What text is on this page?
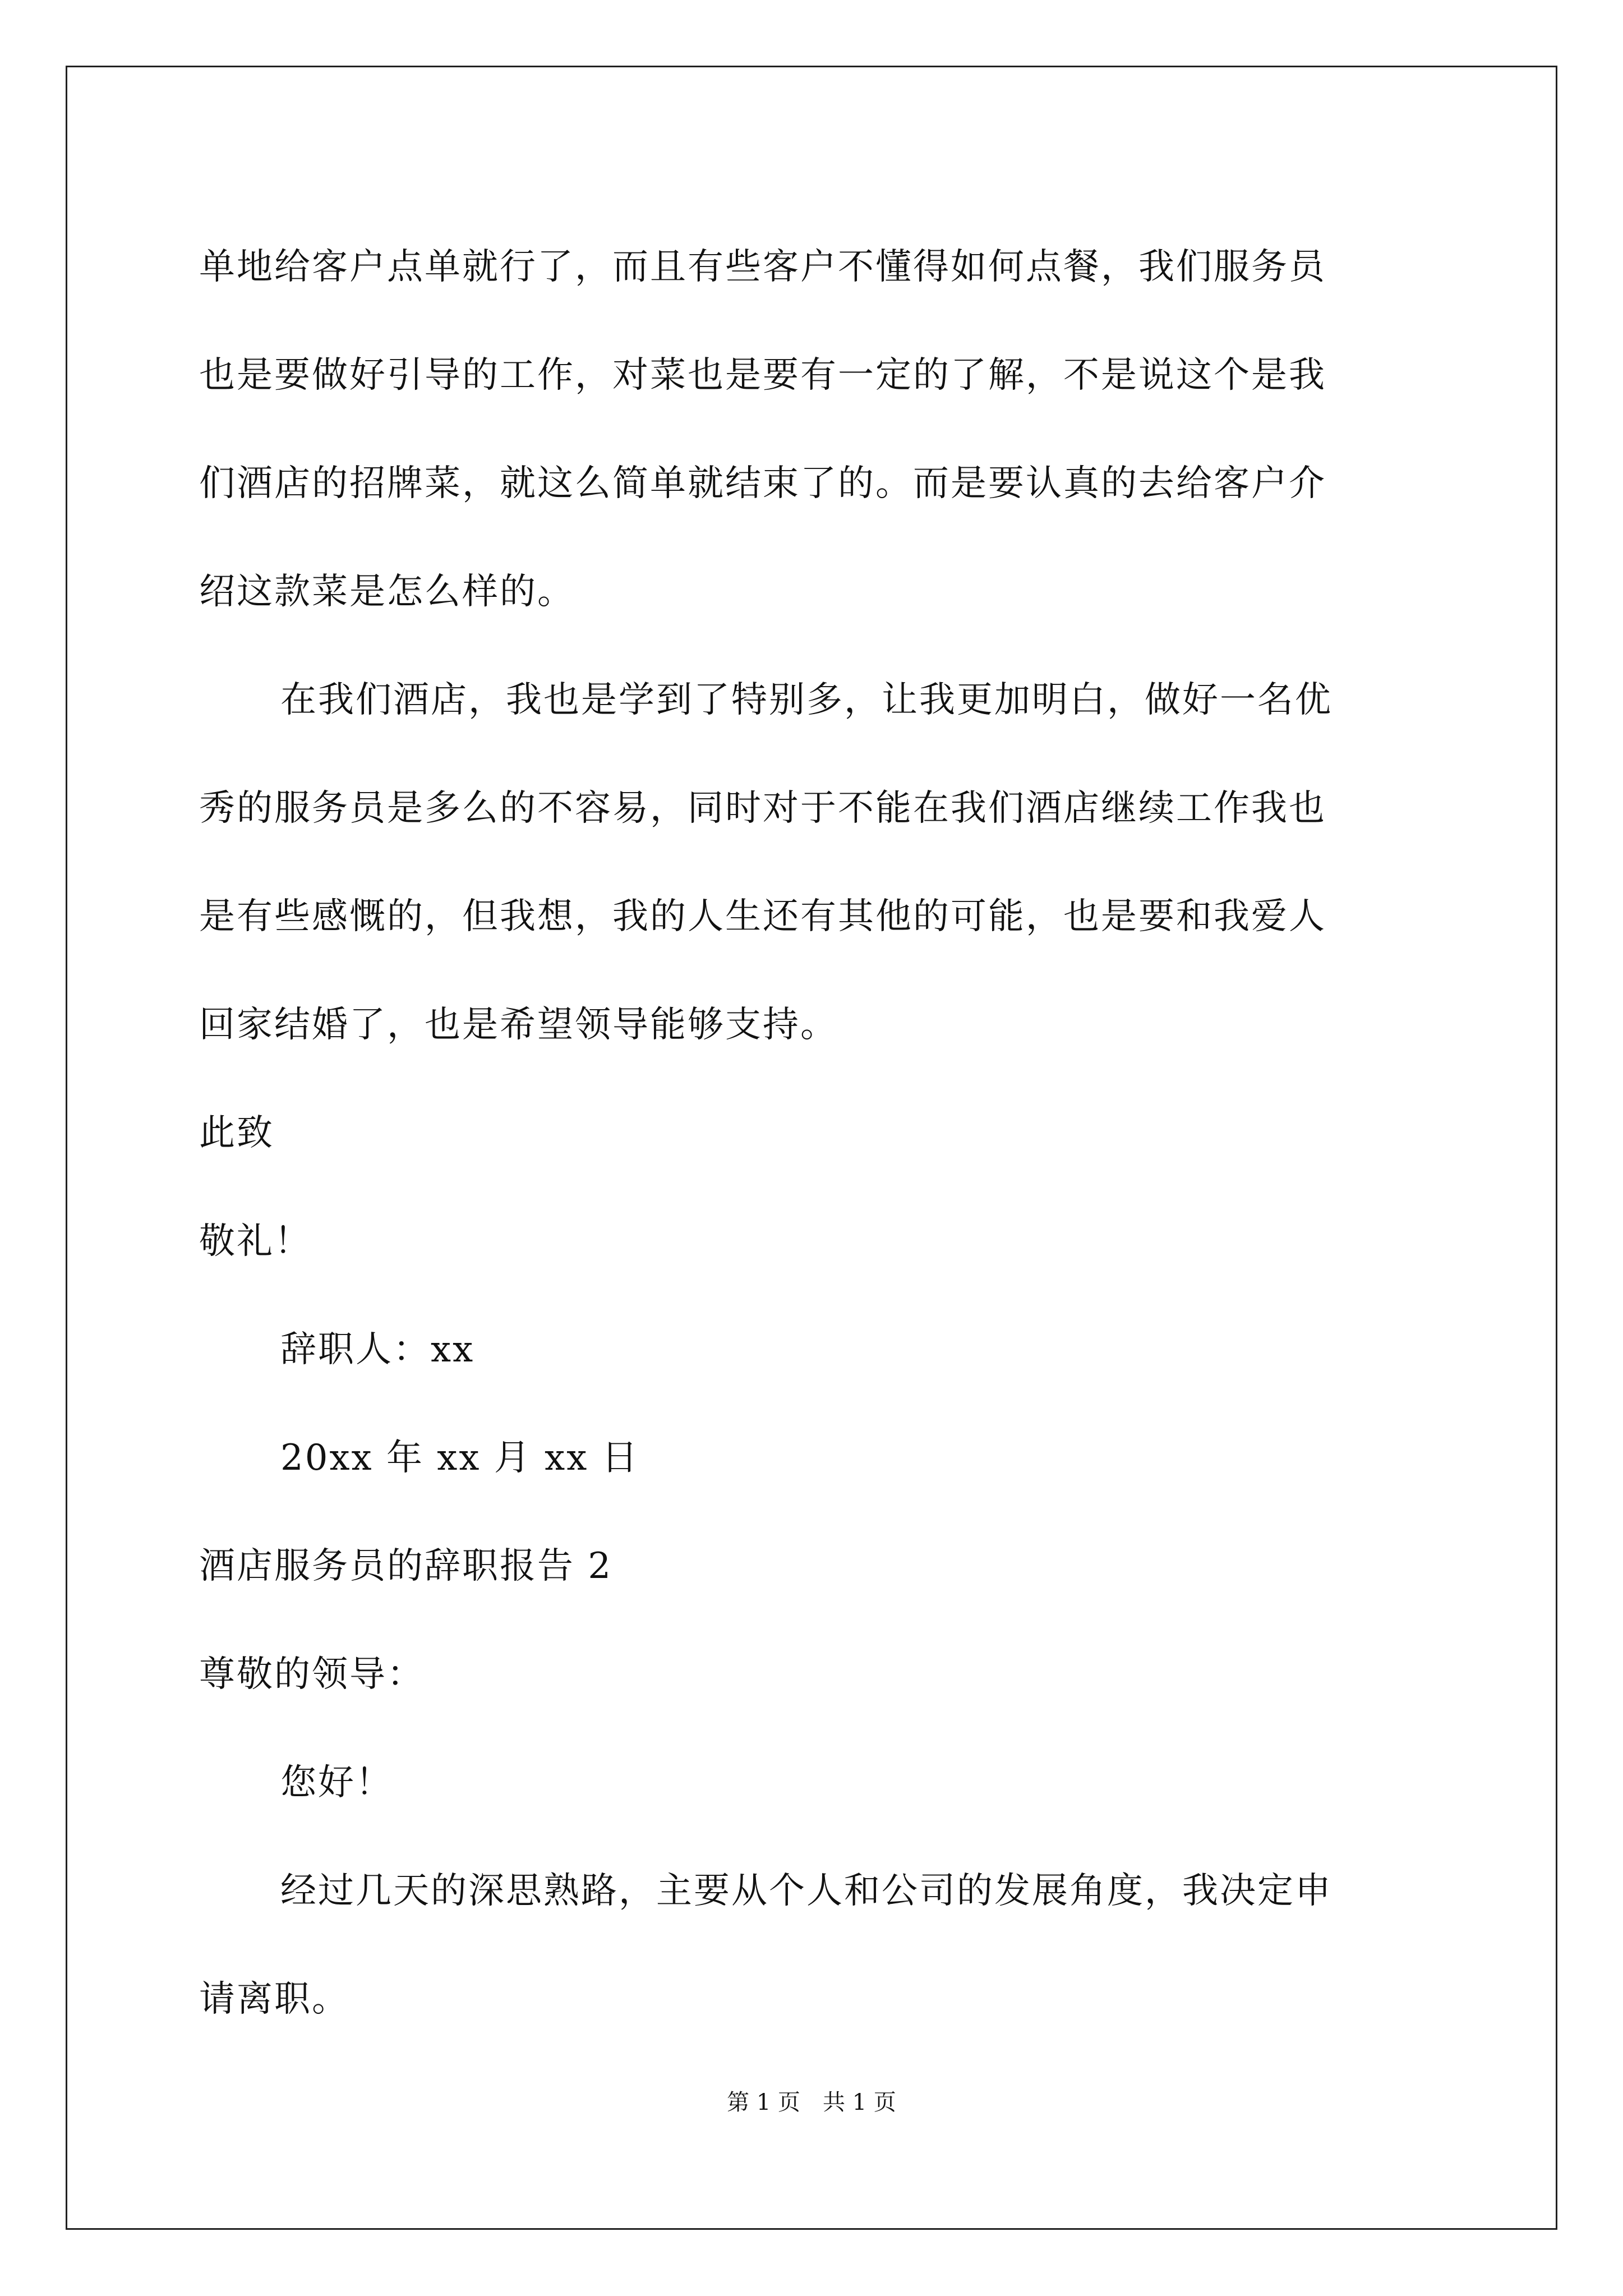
单地给客户点单就行了，而且有些客户不懂得如何点餐，我们服务员
也是要做好引导的工作，对菜也是要有一定的了解，不是说这个是我
们酒店的招牌菜，就这么简单就结束了的。而是要认真的去给客户介
绍这款菜是怎么样的。
在我们酒店，我也是学到了特别多，让我更加明白，做好一名优
秀的服务员是多么的不容易，同时对于不能在我们酒店继续工作我也
是有些感慨的，但我想，我的人生还有其他的可能，也是要和我爱人
回家结婚了，也是希望领导能够支持。
此致
敬礼！
辞职人：xx
20xx 年 xx 月 xx 日
酒店服务员的辞职报告 2
尊敬的领导：
您好！
经过几天的深思熟路，主要从个人和公司的发展角度，我决定申
请离职。
第 1 页　共 1 页
